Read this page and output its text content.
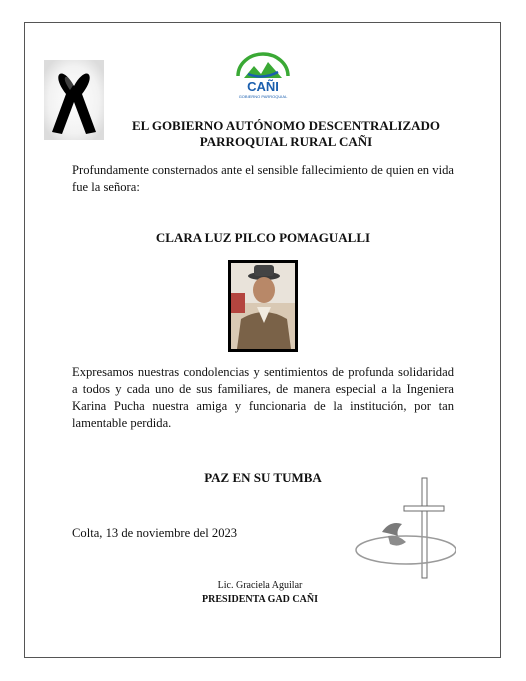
CAÑI
GOBIERNO PARROQUIAL
EL GOBIERNO AUTÓNOMO DESCENTRALIZADO
PARROQUIAL RURAL CAÑI
Profundamente consternados ante el sensible fallecimiento de quien en vida fue la señora:
CLARA LUZ PILCO POMAGUALLI
Expresamos nuestras condolencias y sentimientos de profunda solidaridad a todos y cada uno de sus familiares, de manera especial a la Ingeniera Karina Pucha nuestra amiga y funcionaria de la institución, por tan lamentable perdida.
PAZ EN SU TUMBA
Colta, 13 de noviembre del 2023
Lic. Graciela Aguilar
PRESIDENTA GAD CAÑI
